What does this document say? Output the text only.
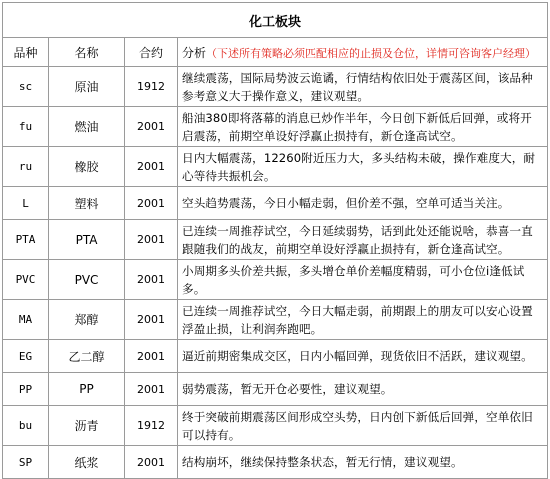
化工板块			
品种	名称	合约	分析（下述所有策略必须匹配相应的止损及仓位，详情可咨询客户经理）
sc	原油	1912	继续震荡，国际局势波云诡谲，行情结构依旧处于震荡区间，该品种参考意义大于操作意义，建议观望。
fu	燃油	2001	船油380即将落幕的消息已炒作半年，今日创下新低后回弹，或将开启震荡，前期空单设好浮赢止损持有，新仓逢高试空。
ru	橡胶	2001	日内大幅震荡，12260附近压力大，多头结构未破，操作难度大，耐心等待共振机会。
L	塑料	2001	空头趋势震荡，今日小幅走弱，但价差不强，空单可适当关注。
PTA	PTA	2001	已连续一周推荐试空，今日延续弱势，话到此处还能说啥，恭喜一直跟随我们的战友，前期空单设好浮赢止损持有，新仓逢高试空。
PVC	PVC	2001	小周期多头价差共振，多头增仓单价差幅度精弱，可小仓位i逢低试多。
MA	郑醇	2001	已连续一周推荐试空，今日大幅走弱，前期跟上的朋友可以安心设置浮盈止损，让利润奔跑吧。
EG	乙二醇	2001	逼近前期密集成交区，日内小幅回弹，现货依旧不活跃，建议观望。
PP	PP	2001	弱势震荡，暂无开仓必要性，建议观望。
bu	沥青	1912	终于突破前期震荡区间形成空头势，日内创下新低后回弹，空单依旧可以持有。
SP	纸浆	2001	结构崩坏，继续保持整条状态，暂无行情，建议观望。
